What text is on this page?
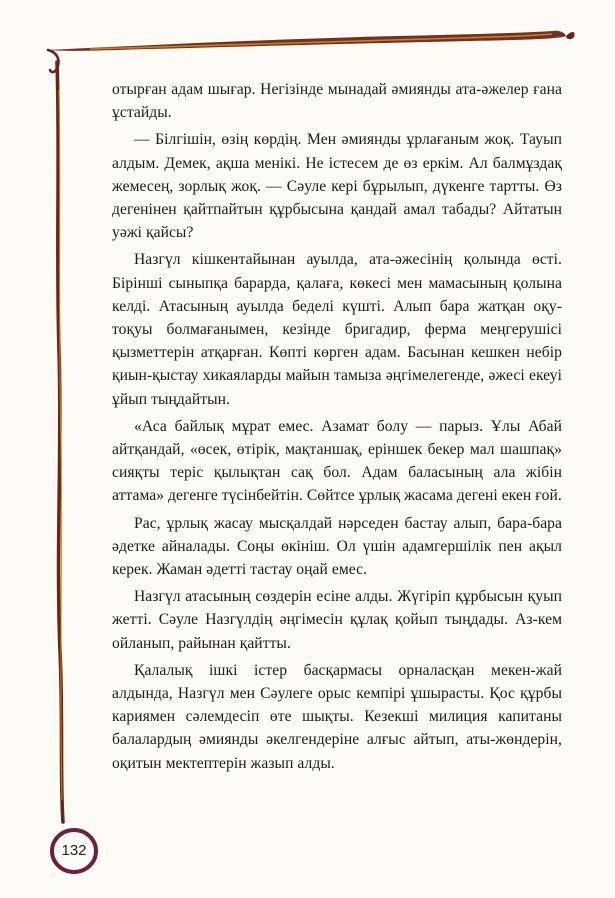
отырған адам шығар. Негізінде мынадай әмиянды ата-әжелер ғана ұстайды.

— Білгішін, өзің көрдің. Мен әмиянды ұрлағаным жоқ. Тауып алдым. Демек, ақша менікі. Не істесем де өз еркім. Ал балмұздақ жемесең, зорлық жоқ. — Сәуле кері бұрылып, дүкенге тартты. Өз дегенінен қайтпайтын құрбысына қандай амал табады? Айтатын уәжі қайсы?

Назгүл кішкентайынан ауылда, ата-әжесінің қолында өсті. Бірінші сыныпқа барарда, қалаға, көкесі мен мамасының қолына келді. Атасының ауылда беделі күшті. Алып бара жатқан оқу-тоқуы болмағанымен, кезінде бригадир, ферма меңгерушісі қызметтерін атқарған. Көпті көрген адам. Басынан кешкен небір қиын-қыстау хикаяларды майын тамыза әңгімелегенде, әжесі екеуі ұйып тыңдайтын.

«Аса байлық мұрат емес. Азамат болу — парыз. Ұлы Абай айтқандай, «өсек, өтірік, мақтаншақ, еріншек бекер мал шашпақ» сияқты теріс қылықтан сақ бол. Адам баласының ала жібін аттама» дегенге түсінбейтін. Сөйтсе ұрлық жасама дегені екен ғой.

Рас, ұрлық жасау мысқалдай нәрседен бастау алып, бара-бара әдетке айналады. Соңы өкініш. Ол үшін адамгершілік пен ақыл керек. Жаман әдетті тастау оңай емес.

Назгүл атасының сөздерін есіне алды. Жүгіріп құрбысын қуып жетті. Сәуле Назгүлдің әңгімесін құлақ қойып тыңдады. Аз-кем ойланып, райынан қайтты.

Қалалық ішкі істер басқармасы орналасқан мекен-жай алдында, Назгүл мен Сәулеге орыс кемпірі ұшырасты. Қос құрбы кариямен сәлемдесіп өте шықты. Кезекші милиция капитаны балалардың әмиянды әкелгендеріне алғыс айтып, аты-жөндерін, оқитын мектептерін жазып алды.

132
